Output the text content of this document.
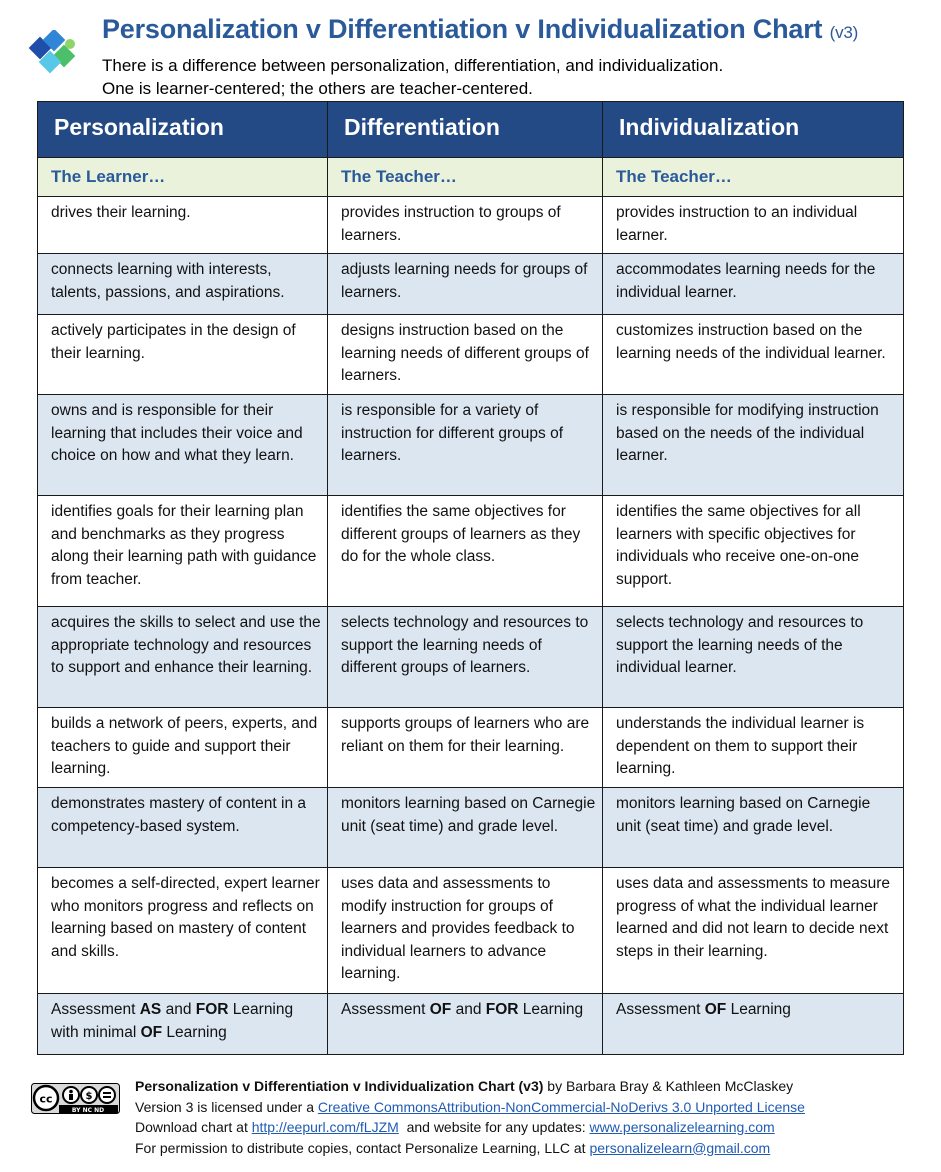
Personalization v Differentiation v Individualization Chart (v3)
There is a difference between personalization, differentiation, and individualization.
One is learner-centered; the others are teacher-centered.
Personalization	Differentiation	Individualization
The Learner…	The Teacher…	The Teacher…
drives their learning.	provides instruction to groups of learners.	provides instruction to an individual learner.
connects learning with interests, talents, passions, and aspirations.	adjusts learning needs for groups of learners.	accommodates learning needs for the individual learner.
actively participates in the design of their learning.	designs instruction based on the learning needs of different groups of learners.	customizes instruction based on the learning needs of the individual learner.
owns and is responsible for their learning that includes their voice and choice on how and what they learn.	is responsible for a variety of instruction for different groups of learners.	is responsible for modifying instruction based on the needs of the individual learner.
identifies goals for their learning plan and benchmarks as they progress along their learning path with guidance from teacher.	identifies the same objectives for different groups of learners as they do for the whole class.	identifies the same objectives for all learners with specific objectives for individuals who receive one-on-one support.
acquires the skills to select and use the appropriate technology and resources to support and enhance their learning.	selects technology and resources to support the learning needs of different groups of learners.	selects technology and resources to support the learning needs of the individual learner.
builds a network of peers, experts, and teachers to guide and support their learning.	supports groups of learners who are reliant on them for their learning.	understands the individual learner is dependent on them to support their learning.
demonstrates mastery of content in a competency-based system.	monitors learning based on Carnegie unit (seat time) and grade level.	monitors learning based on Carnegie unit (seat time) and grade level.
becomes a self-directed, expert learner who monitors progress and reflects on learning based on mastery of content and skills.	uses data and assessments to modify instruction for groups of learners and provides feedback to individual learners to advance learning.	uses data and assessments to measure progress of what the individual learner learned and did not learn to decide next steps in their learning.
Assessment AS and FOR Learning with minimal OF Learning	Assessment OF and FOR Learning	Assessment OF Learning
cc	$
BY NC ND
Personalization v Differentiation v Individualization Chart (v3) by Barbara Bray & Kathleen McClaskey
Version 3 is licensed under a Creative CommonsAttribution-NonCommercial-NoDerivs 3.0 Unported License
Download chart at http://eepurl.com/fLJZM  and website for any updates: www.personalizelearning.com
For permission to distribute copies, contact Personalize Learning, LLC at personalizelearn@gmail.com
